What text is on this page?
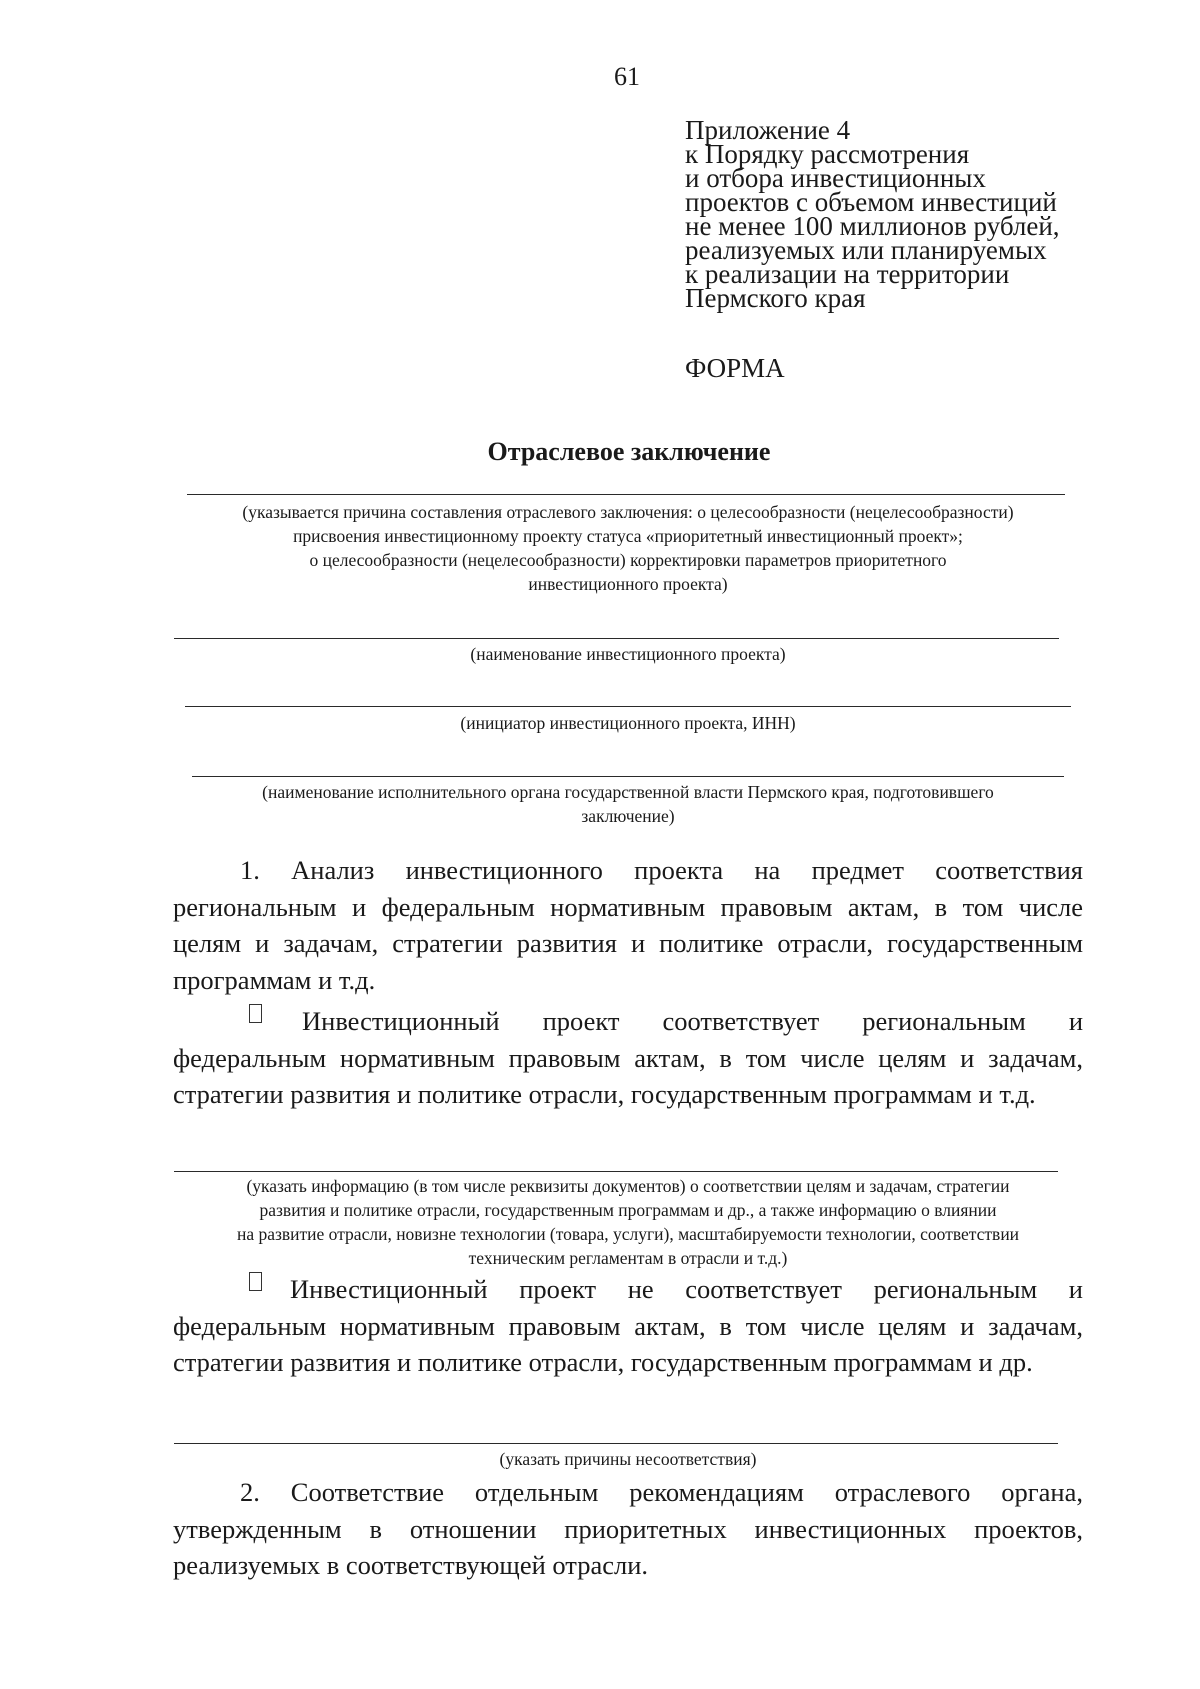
61
Приложение 4
к Порядку рассмотрения
и отбора инвестиционных
проектов с объемом инвестиций
не менее 100 миллионов рублей,
реализуемых или планируемых
к реализации на территории
Пермского края
ФОРМА
Отраслевое заключение
(указывается причина составления отраслевого заключения: о целесообразности (нецелесообразности)
присвоения инвестиционному проекту статуса «приоритетный инвестиционный проект»;
о целесообразности (нецелесообразности) корректировки параметров приоритетного
инвестиционного проекта)
(наименование инвестиционного проекта)
(инициатор инвестиционного проекта, ИНН)
(наименование исполнительного органа государственной власти Пермского края, подготовившего
заключение)
1. Анализ инвестиционного проекта на предмет соответствия региональным и федеральным нормативным правовым актам, в том числе целям и задачам, стратегии развития и политике отрасли, государственным программам и т.д.
Инвестиционный проект соответствует региональным и федеральным нормативным правовым актам, в том числе целям и задачам, стратегии развития и политике отрасли, государственным программам и т.д.
(указать информацию (в том числе реквизиты документов) о соответствии целям и задачам, стратегии
развития и политике отрасли, государственным программам и др., а также информацию о влиянии
на развитие отрасли, новизне технологии (товара, услуги), масштабируемости технологии, соответствии
техническим регламентам в отрасли и т.д.)
Инвестиционный проект не соответствует региональным и федеральным нормативным правовым актам, в том числе целям и задачам, стратегии развития и политике отрасли, государственным программам и др.
(указать причины несоответствия)
2. Соответствие отдельным рекомендациям отраслевого органа, утвержденным в отношении приоритетных инвестиционных проектов, реализуемых в соответствующей отрасли.
